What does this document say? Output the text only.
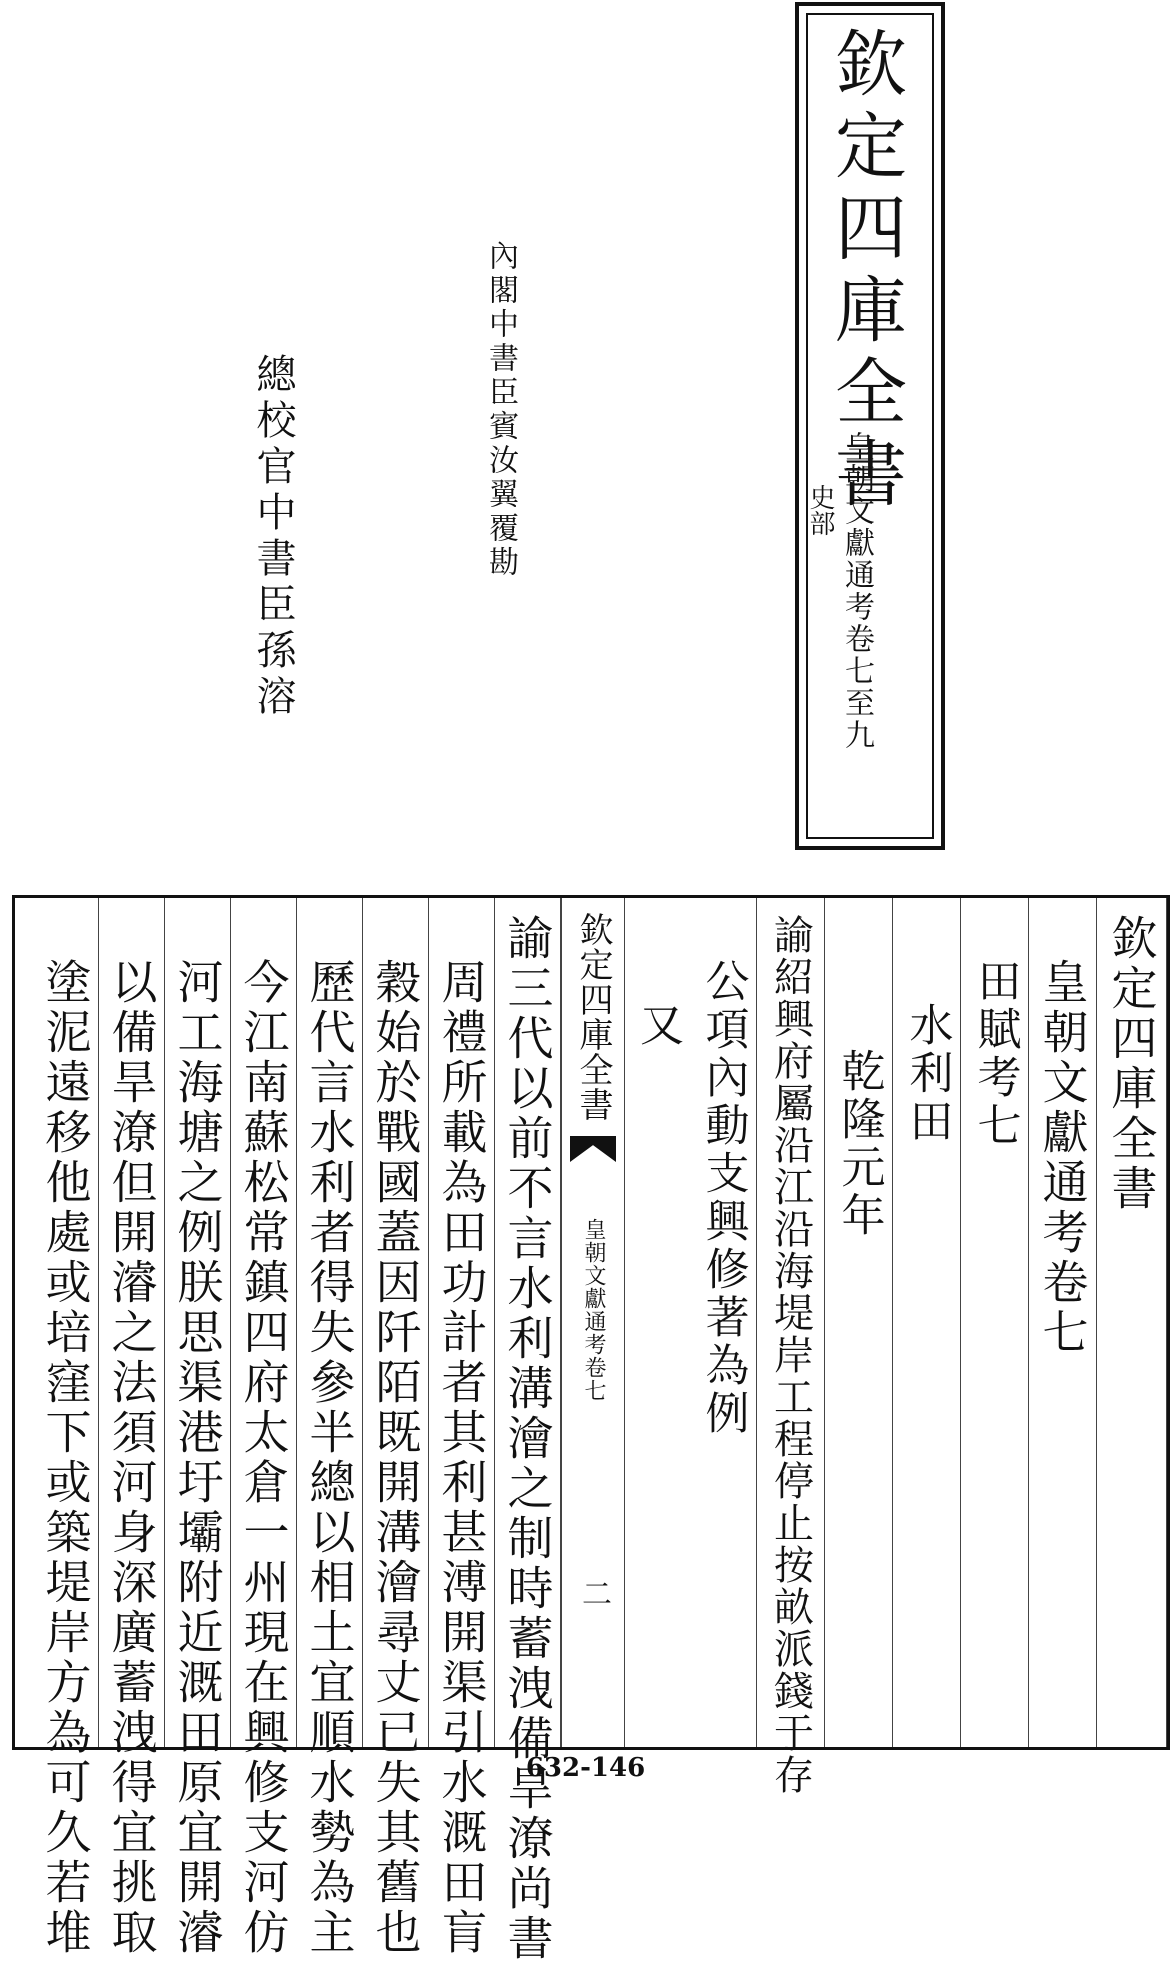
欽定四庫全書
皇朝文獻通考卷七至九
史部
內閣中書臣賓汝翼覆勘
總校官中書臣孫溶
諭三代以前不言水利溝澮之制時蓄洩備旱潦尚書
周禮所載為田功計者其利甚溥開渠引水溉田肓
穀始於戰國蓋因阡陌既開溝澮尋丈已失其舊也
歷代言水利者得失參半總以相土宜順水勢為主
今江南蘇松常鎮四府太倉一州現在興修支河仿
河工海塘之例朕思渠港圩壩附近溉田原宜開濬
以備旱潦但開濬之法須河身深廣蓄洩得宜挑取
塗泥遠移他處或培窪下或築堤岸方為可久若堆	欽定四庫全書
皇朝文獻通考卷七
二
欽定四庫全書
皇朝文獻通考卷七
田賦考七
水利田
乾隆元年
諭紹興府屬沿江沿海堤岸工程停止按畝派錢于存
公項內動支興修著為例
又
632-146
